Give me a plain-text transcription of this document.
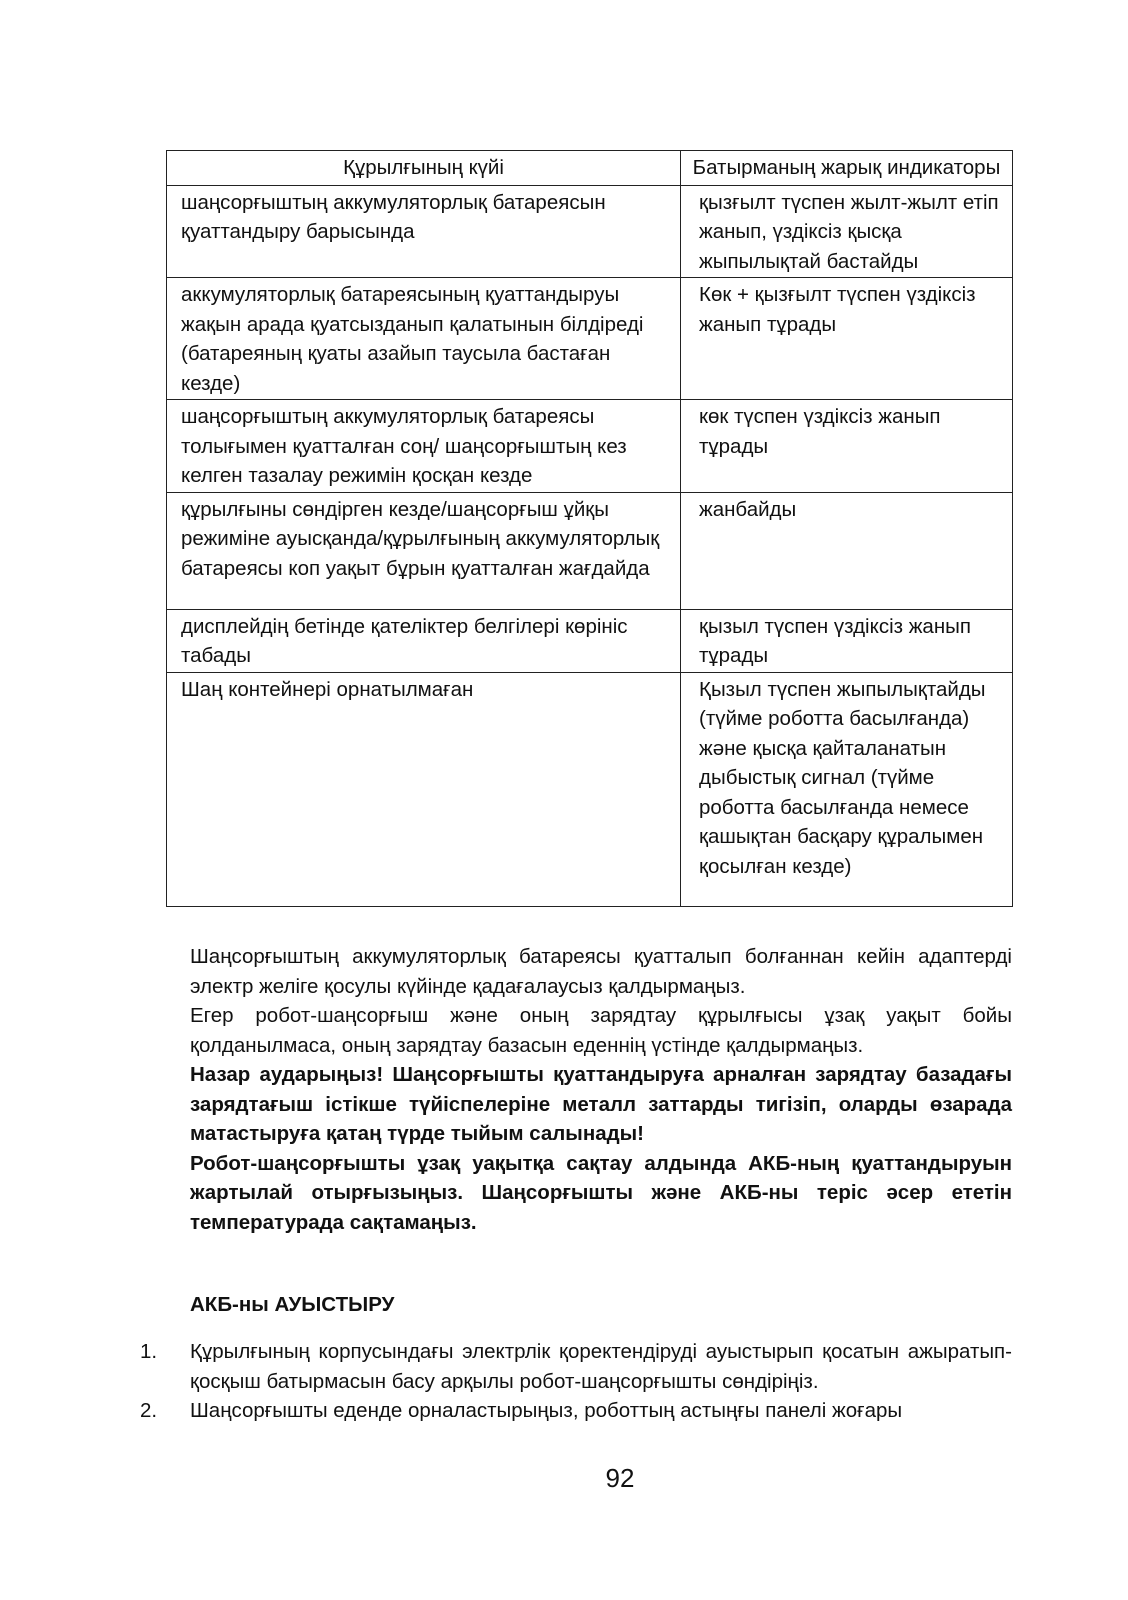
Құрылғының күйі	Батырманың жарық индикаторы
шаңсорғыштың аккумуляторлық батареясын қуаттандыру барысында	қызғылт түспен жылт-жылт етіп жанып, үздіксіз қысқа жыпылықтай бастайды
аккумуляторлық батареясының қуаттандыруы жақын арада қуатсызданып қалатынын білдіреді (батареяның қуаты азайып таусыла бастаған кезде)	Көк + қызғылт түспен үздіксіз жанып тұрады
шаңсорғыштың аккумуляторлық батареясы толығымен қуатталған соң/ шаңсорғыштың кез келген тазалау режимін қосқан кезде	көк түспен үздіксіз жанып тұрады
құрылғыны сөндірген кезде/шаңсорғыш ұйқы режиміне ауысқанда/құрылғының аккумуляторлық батареясы коп уақыт бұрын қуатталған жағдайда	жанбайды
дисплейдің бетінде қателіктер белгілері көрініс табады	қызыл түспен үздіксіз жанып тұрады
Шаң контейнері орнатылмаған	Қызыл түспен жыпылықтайды (түйме роботта басылғанда) және қысқа қайталанатын дыбыстық сигнал (түйме роботта басылғанда немесе қашықтан басқару құралымен қосылған кезде)

Шаңсорғыштың аккумуляторлық батареясы қуатталып болғаннан кейін адаптерді электр желіге қосулы күйінде қадағалаусыз қалдырмаңыз.

Егер робот-шаңсорғыш және оның зарядтау құрылғысы ұзақ уақыт бойы қолданылмаса, оның зарядтау базасын еденнің үстінде қалдырмаңыз.

Назар аударыңыз! Шаңсорғышты қуаттандыруға арналған зарядтау базадағы зарядтағыш істікше түйіспелеріне металл заттарды тигізіп, оларды өзарада матастыруға қатаң түрде тыйым салынады!

Робот-шаңсорғышты ұзақ уақытқа сақтау алдында АКБ-ның қуаттандыруын жартылай отырғызыңыз. Шаңсорғышты және АКБ-ны теріс әсер ететін температурада сақтамаңыз.

АКБ-ны АУЫСТЫРУ
1. Құрылғының корпусындағы электрлік қоректендіруді ауыстырып қосатын ажыратып-қосқыш батырмасын басу арқылы робот-шаңсорғышты сөндіріңіз.
2. Шаңсорғышты еденде орналастырыңыз, роботтың астыңғы панелі жоғары
92
